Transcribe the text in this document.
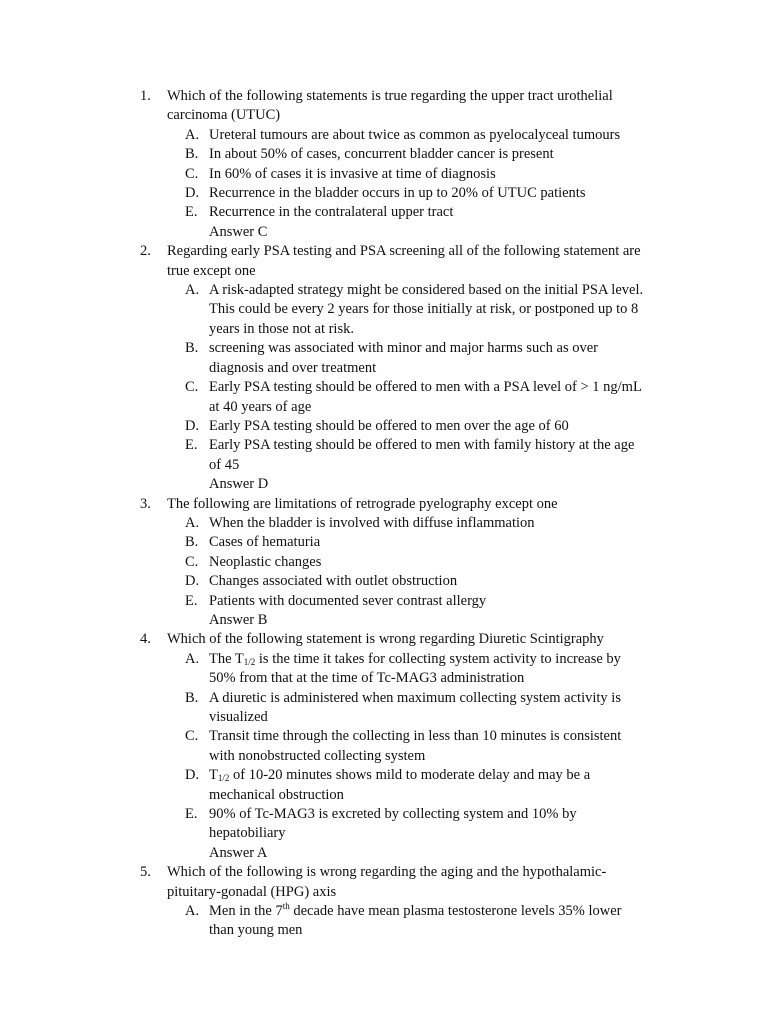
1.	Which of the following statements is true regarding the upper tract urothelial carcinoma (UTUC)
A. Ureteral tumours are about twice as common as pyelocalyceal tumours
B. In about 50% of cases, concurrent bladder cancer is present
C. In 60% of cases it is invasive at time of diagnosis
D. Recurrence in the bladder occurs in up to 20% of UTUC patients
E. Recurrence in the contralateral upper tract
Answer C
2.	Regarding early PSA testing and PSA screening all of the following statement are true except one
A. A risk-adapted strategy might be considered based on the initial PSA level. This could be every 2 years for those initially at risk, or postponed up to 8 years in those not at risk.
B. screening was associated with minor and major harms such as over diagnosis and over treatment
C. Early PSA testing should be offered to men with a PSA level of > 1 ng/mL at 40 years of age
D. Early PSA testing should be offered to men over the age of 60
E. Early PSA testing should be offered to men with family history at the age of 45
Answer D
3.	The following are limitations of retrograde pyelography except one
A. When the bladder is involved with diffuse inflammation
B. Cases of hematuria
C. Neoplastic changes
D. Changes associated with outlet obstruction
E. Patients with documented sever contrast allergy
Answer B
4.	Which of the following statement is wrong regarding Diuretic Scintigraphy
A. The $T_{1/2}$ is the time it takes for collecting system activity to increase by 50% from that at the time of Tc-MAG3 administration
B. A diuretic is administered when maximum collecting system activity is visualized
C. Transit time through the collecting in less than 10 minutes is consistent with nonobstructed collecting system
D. $T_{1/2}$ of 10-20 minutes shows mild to moderate delay and may be a mechanical obstruction
E. 90% of Tc-MAG3 is excreted by collecting system and 10% by hepatobiliary
Answer A
5.	Which of the following is wrong regarding the aging and the hypothalamic-pituitary-gonadal (HPG) axis
A. Men in the 7th decade have mean plasma testosterone levels 35% lower than young men
